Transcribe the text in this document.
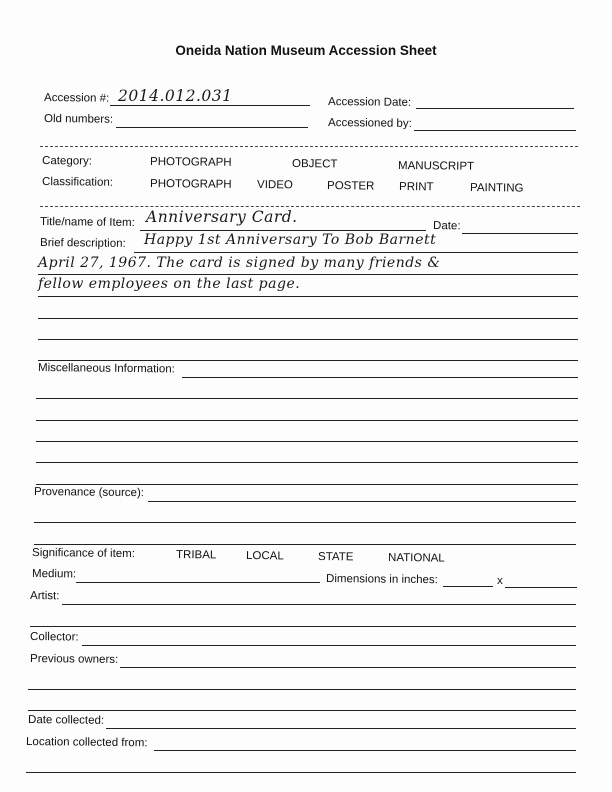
Oneida Nation Museum Accession Sheet
Accession #: 2014.012.031	Accession Date:
Old numbers:	Accessioned by:
Category:	PHOTOGRAPH	OBJECT	MANUSCRIPT
Classification:	PHOTOGRAPH VIDEO	POSTER PRINT	PAINTING
Title/name of Item: Anniversary Card.
Date:
Brief description: Happy 1st Anniversary To Bob Barnett
April 27, 1967. The card is signed by many friends &
fellow employees on the last page.
Miscellaneous Information:
Provenance (source):
Significance of item:	TRIBAL	LOCAL	STATE	NATIONAL
Medium:	Dimensions in inches:	x
Artist:
Collector:
Previous owners:
Date collected:
Location collected from:
